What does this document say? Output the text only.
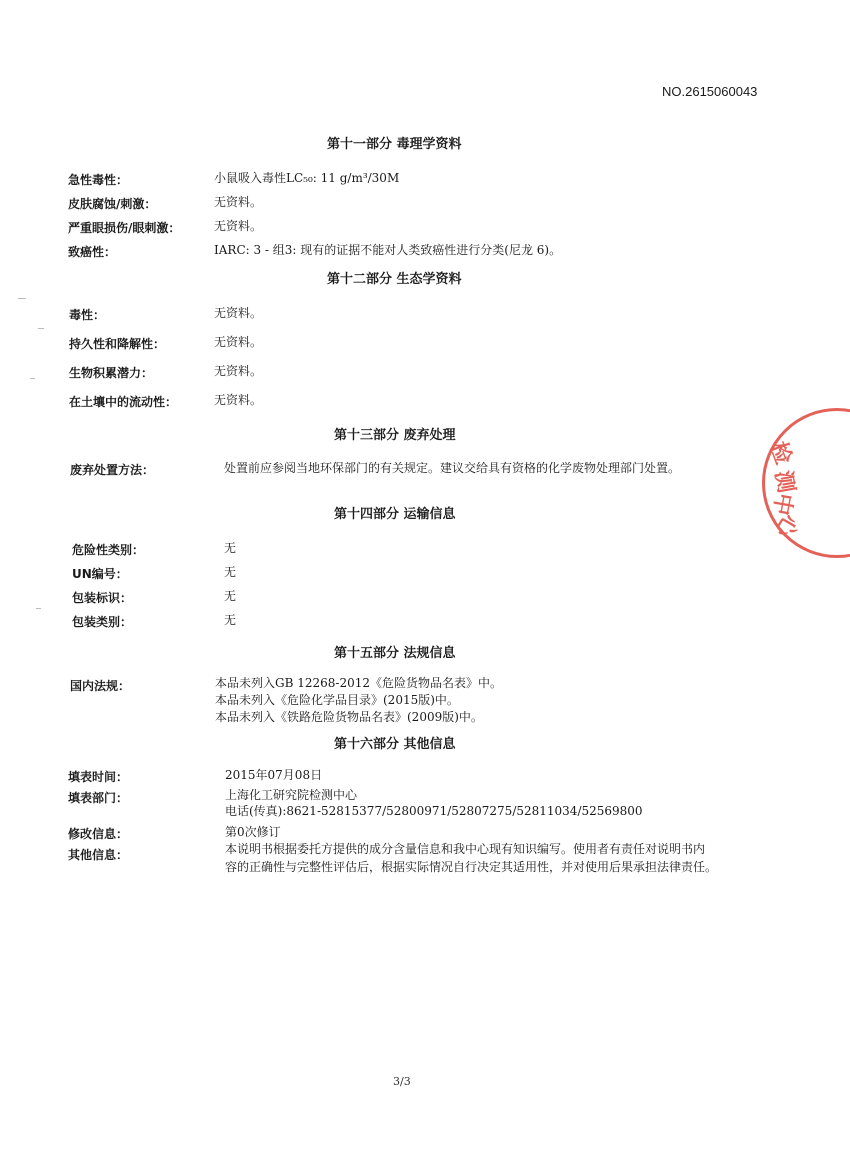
NO.2615060043
第十一部分 毒理学资料
急性毒性：	小鼠吸入毒性LC₅₀: 11 g/m³/30M
皮肤腐蚀/刺激：	无资料。
严重眼损伤/眼刺激：	无资料。
致癌性：	IARC: 3 - 组3: 现有的证据不能对人类致癌性进行分类(尼龙 6)。
第十二部分 生态学资料
毒性：	无资料。
持久性和降解性：	无资料。
生物积累潜力：	无资料。
在土壤中的流动性：	无资料。
第十三部分 废弃处理
废弃处置方法：	处置前应参阅当地环保部门的有关规定。建议交给具有资格的化学废物处理部门处置。
第十四部分 运输信息
危险性类别：	无
UN编号：	无
包装标识：	无
包装类别：	无
第十五部分 法规信息
国内法规：	本品未列入GB 12268-2012《危险货物品名表》中。
本品未列入《危险化学品目录》(2015版)中。
本品未列入《铁路危险货物品名表》(2009版)中。
第十六部分 其他信息
填表时间：	2015年07月08日
填表部门：	上海化工研究院检测中心
电话(传真):8621-52815377/52800971/52807275/52811034/52569800
修改信息：	第0次修订
其他信息：	本说明书根据委托方提供的成分含量信息和我中心现有知识编写。使用者有责任对说明书内
容的正确性与完整性评估后，根据实际情况自行决定其适用性，并对使用后果承担法律责任。
3/3
检
测
中
心
